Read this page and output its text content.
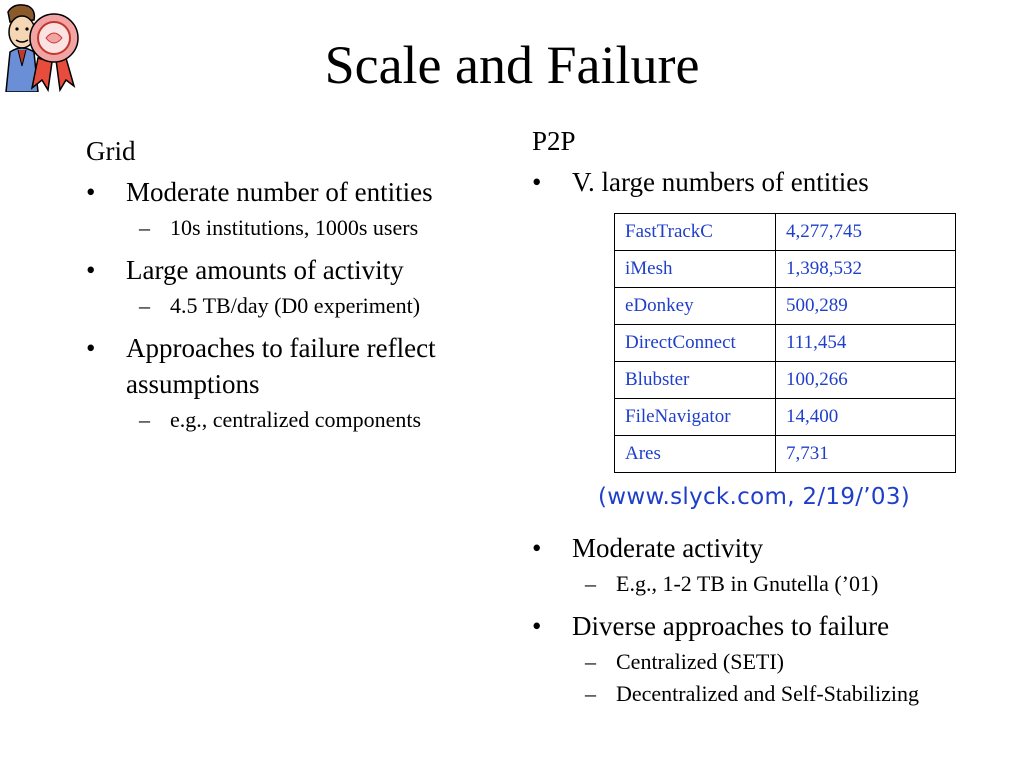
Scale and Failure

Grid

• Moderate number of entities
– 10s institutions, 1000s users
• Large amounts of activity
– 4.5 TB/day (D0 experiment)
• Approaches to failure reflect assumptions
– e.g., centralized components

P2P

• V. large numbers of entities
FastTrackC	4,277,745
iMesh	1,398,532
eDonkey	500,289
DirectConnect	111,454
Blubster	100,266
FileNavigator	14,400
Ares	7,731
(www.slyck.com, 2/19/’03)
• Moderate activity
– E.g., 1-2 TB in Gnutella (’01)
• Diverse approaches to failure
– Centralized (SETI)
– Decentralized and Self-Stabilizing
